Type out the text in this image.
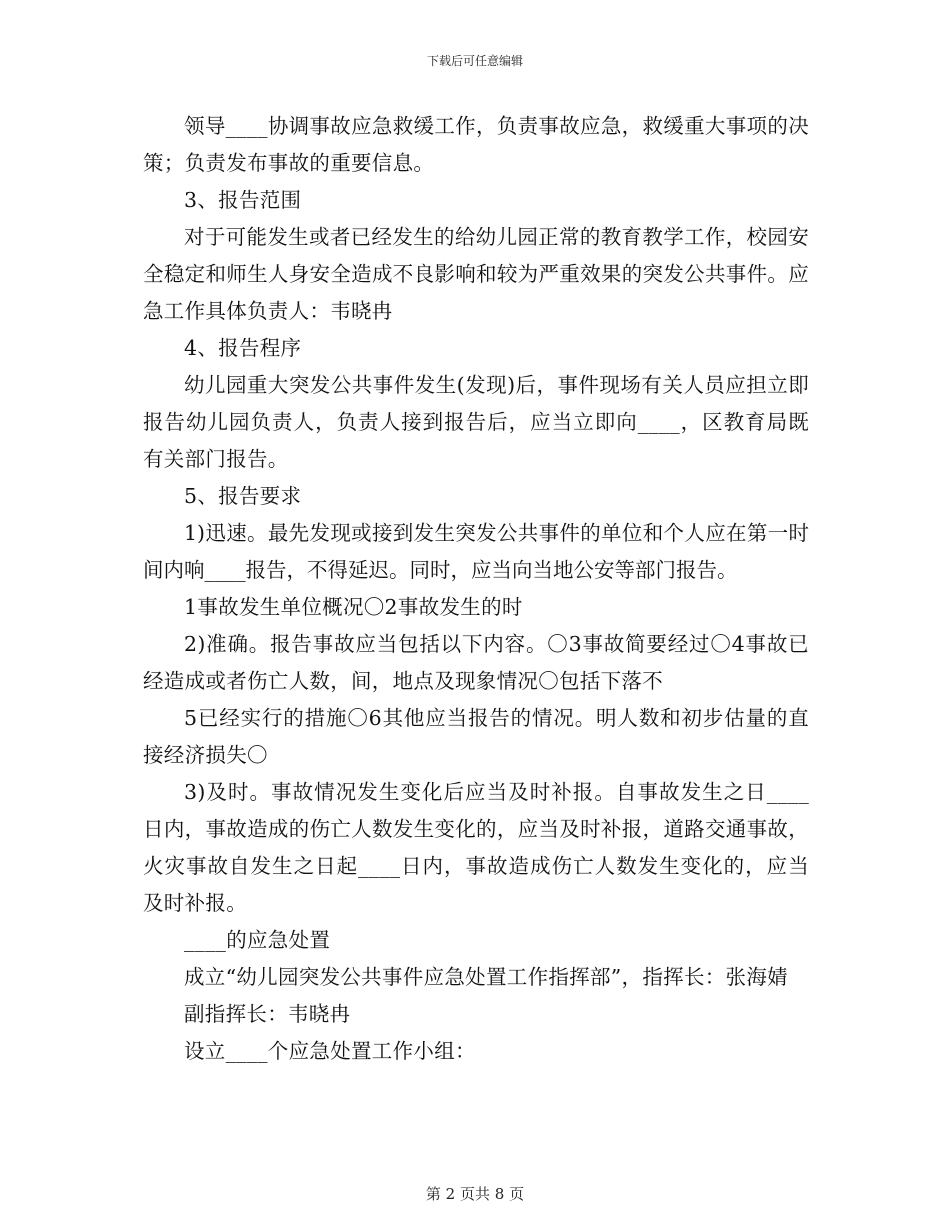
下载后可任意编辑

领导____协调事故应急救缓工作，负责事故应急，救缓重大事项的决策；负责发布事故的重要信息。

3、报告范围

对于可能发生或者已经发生的给幼儿园正常的教育教学工作，校园安全稳定和师生人身安全造成不良影响和较为严重效果的突发公共事件。应急工作具体负责人：韦晓冉

4、报告程序

幼儿园重大突发公共事件发生(发现)后，事件现场有关人员应担立即报告幼儿园负责人，负责人接到报告后，应当立即向____，区教育局既有关部门报告。

5、报告要求

1)迅速。最先发现或接到发生突发公共事件的单位和个人应在第一时间内响____报告，不得延迟。同时，应当向当地公安等部门报告。

1事故发生单位概况〇2事故发生的时

2)准确。报告事故应当包括以下内容。〇3事故简要经过〇4事故已经造成或者伤亡人数，间，地点及现象情况〇包括下落不

5已经实行的措施〇6其他应当报告的情况。明人数和初步估量的直接经济损失〇

3)及时。事故情况发生变化后应当及时补报。自事故发生之日____日内，事故造成的伤亡人数发生变化的，应当及时补报，道路交通事故，火灾事故自发生之日起____日内，事故造成伤亡人数发生变化的，应当及时补报。

____的应急处置

成立“幼儿园突发公共事件应急处置工作指挥部”，指挥长：张海婧

副指挥长：韦晓冉

设立____个应急处置工作小组：

第 2 页共 8 页
